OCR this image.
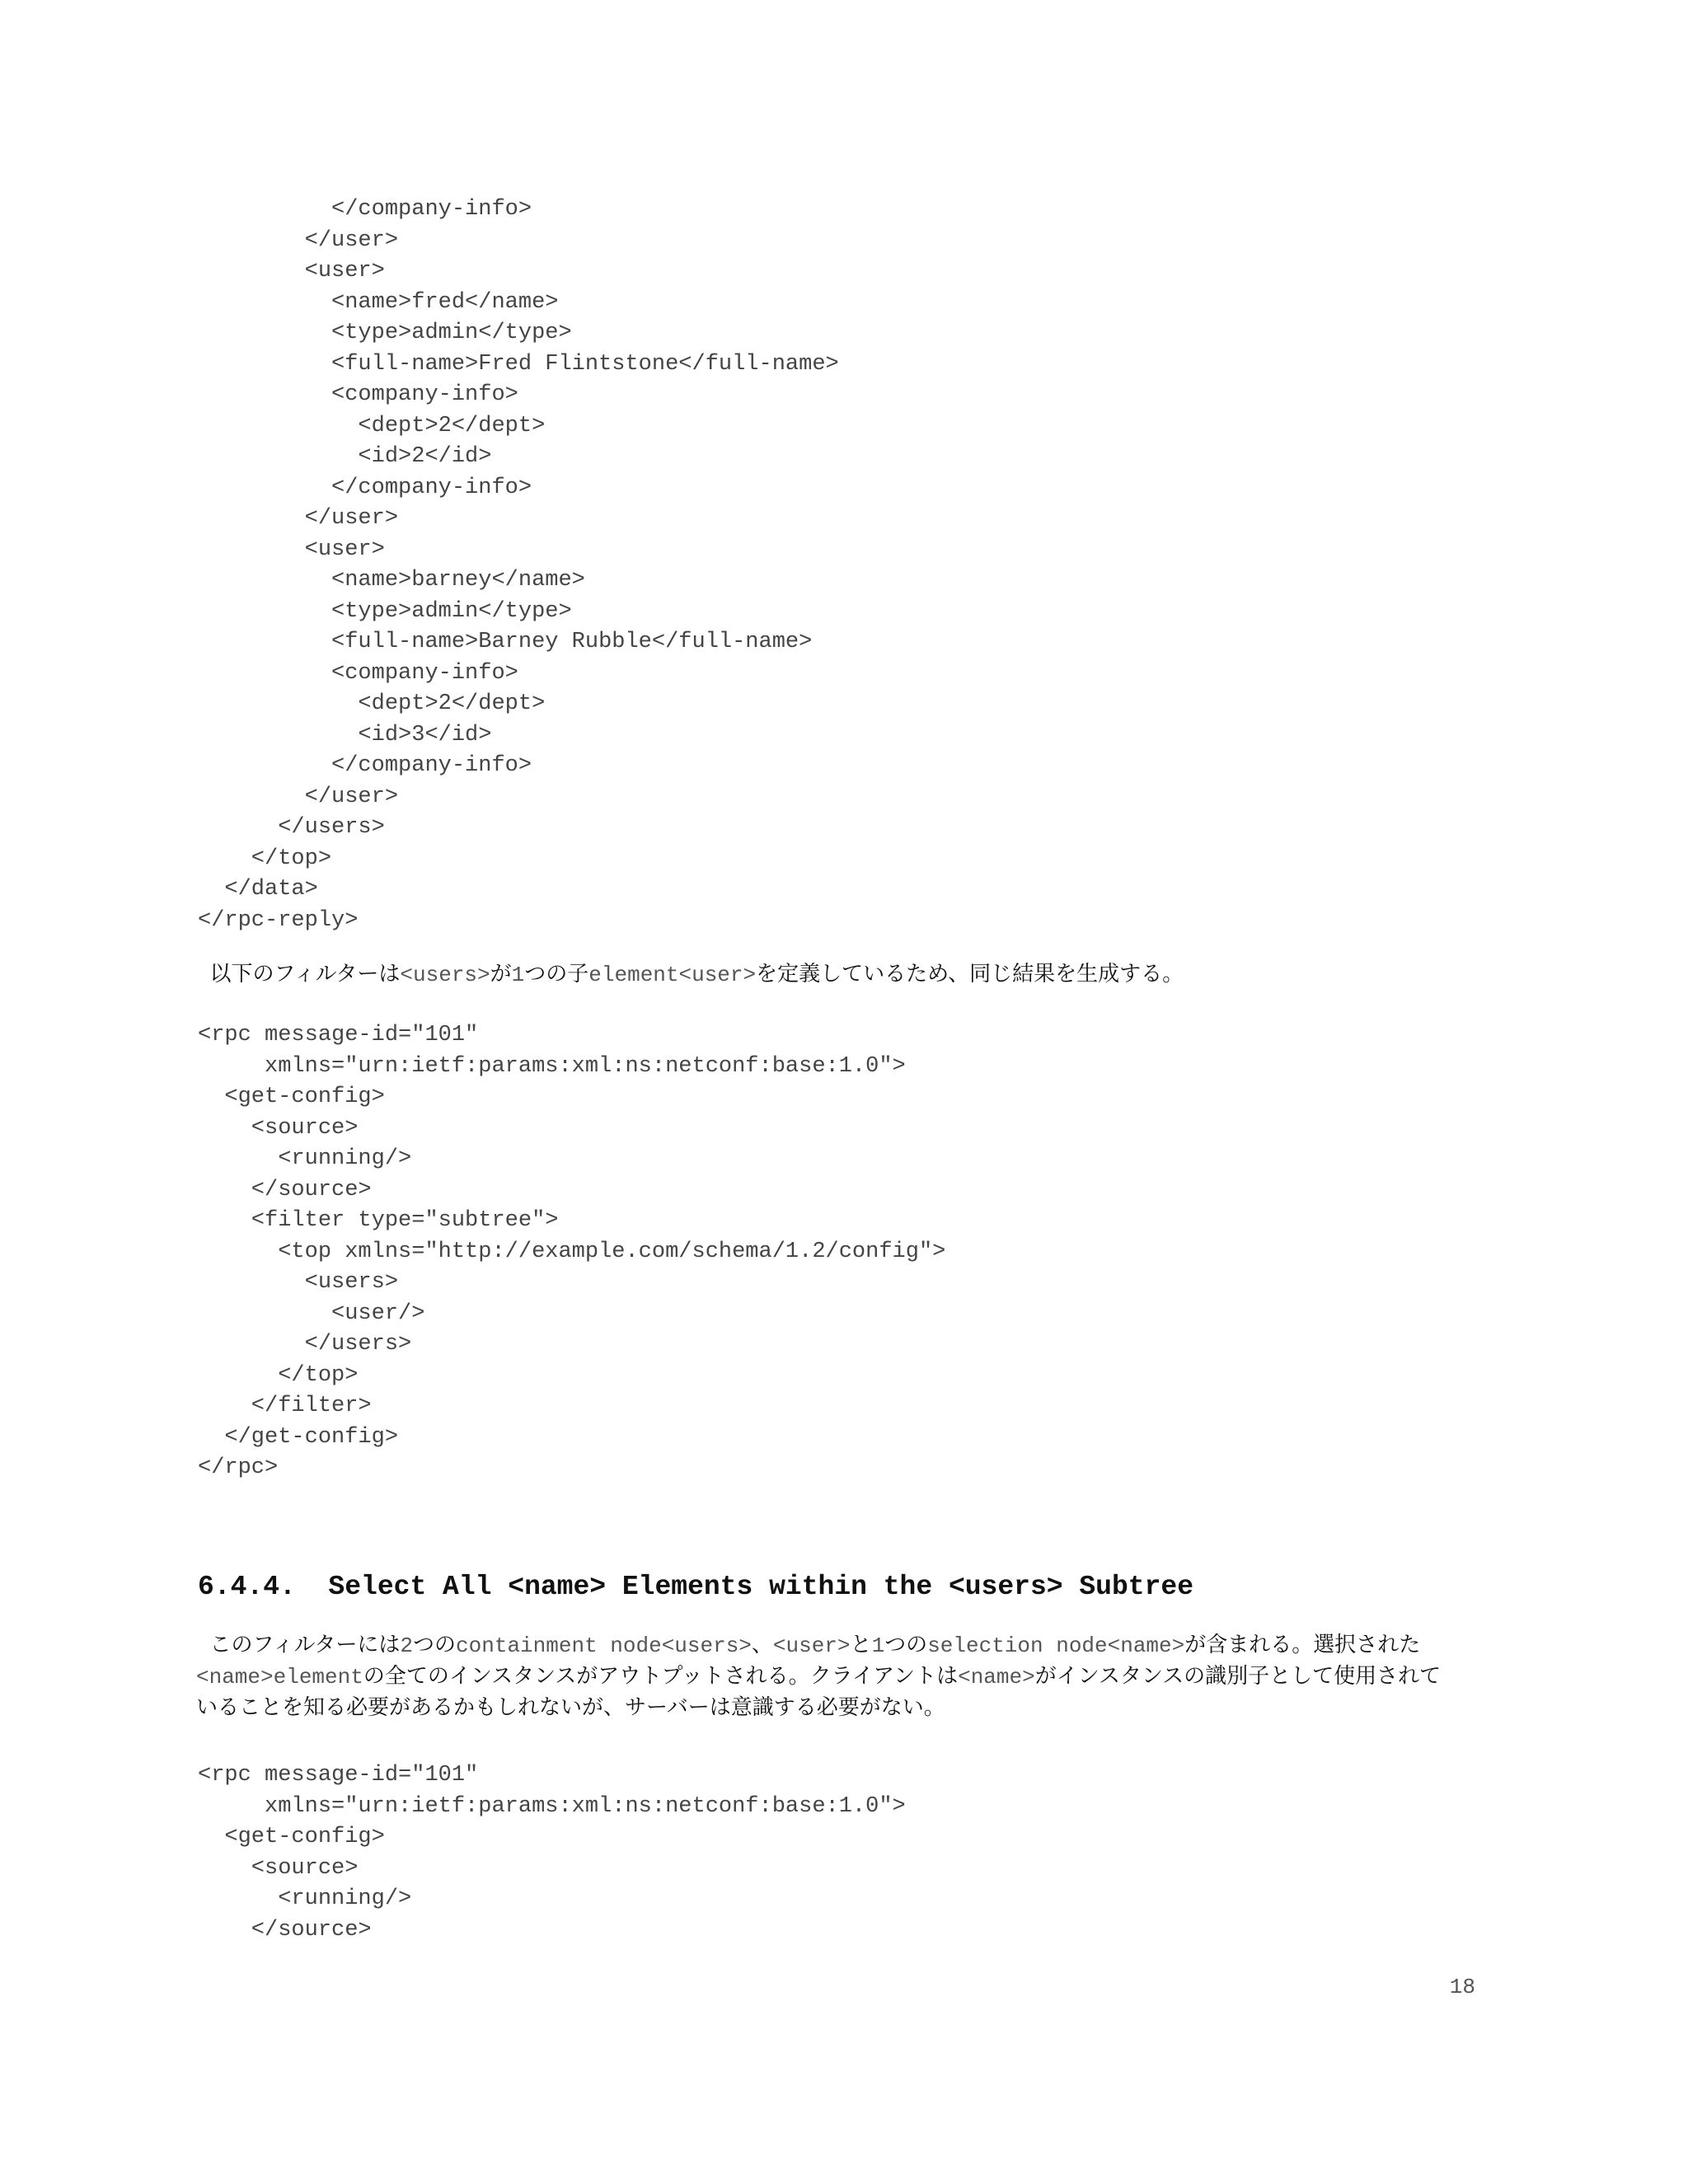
</company-info>
</user>
<user>
<name>fred</name>
<type>admin</type>
<full-name>Fred Flintstone</full-name>
<company-info>
<dept>2</dept>
<id>2</id>
</company-info>
</user>
<user>
<name>barney</name>
<type>admin</type>
<full-name>Barney Rubble</full-name>
<company-info>
<dept>2</dept>
<id>3</id>
</company-info>
</user>
</users>
</top>
</data>
</rpc-reply>

以下のフィルターは<users>が1つの子element<user>を定義しているため、同じ結果を生成する。

<rpc message-id="101"
xmlns="urn:ietf:params:xml:ns:netconf:base:1.0">
<get-config>
<source>
<running/>
</source>
<filter type="subtree">
<top xmlns="http://example.com/schema/1.2/config">
<users>
<user/>
</users>
</top>
</filter>
</get-config>
</rpc>
6.4.4.  Select All <name> Elements within the <users> Subtree

このフィルターには2つのcontainment node<users>、<user>と1つのselection node<name>が含まれる。選択された<name>elementの全てのインスタンスがアウトプットされる。クライアントは<name>がインスタンスの識別子として使用されていることを知る必要があるかもしれないが、サーバーは意識する必要がない。

<rpc message-id="101"
xmlns="urn:ietf:params:xml:ns:netconf:base:1.0">
<get-config>
<source>
<running/>
</source>
18
